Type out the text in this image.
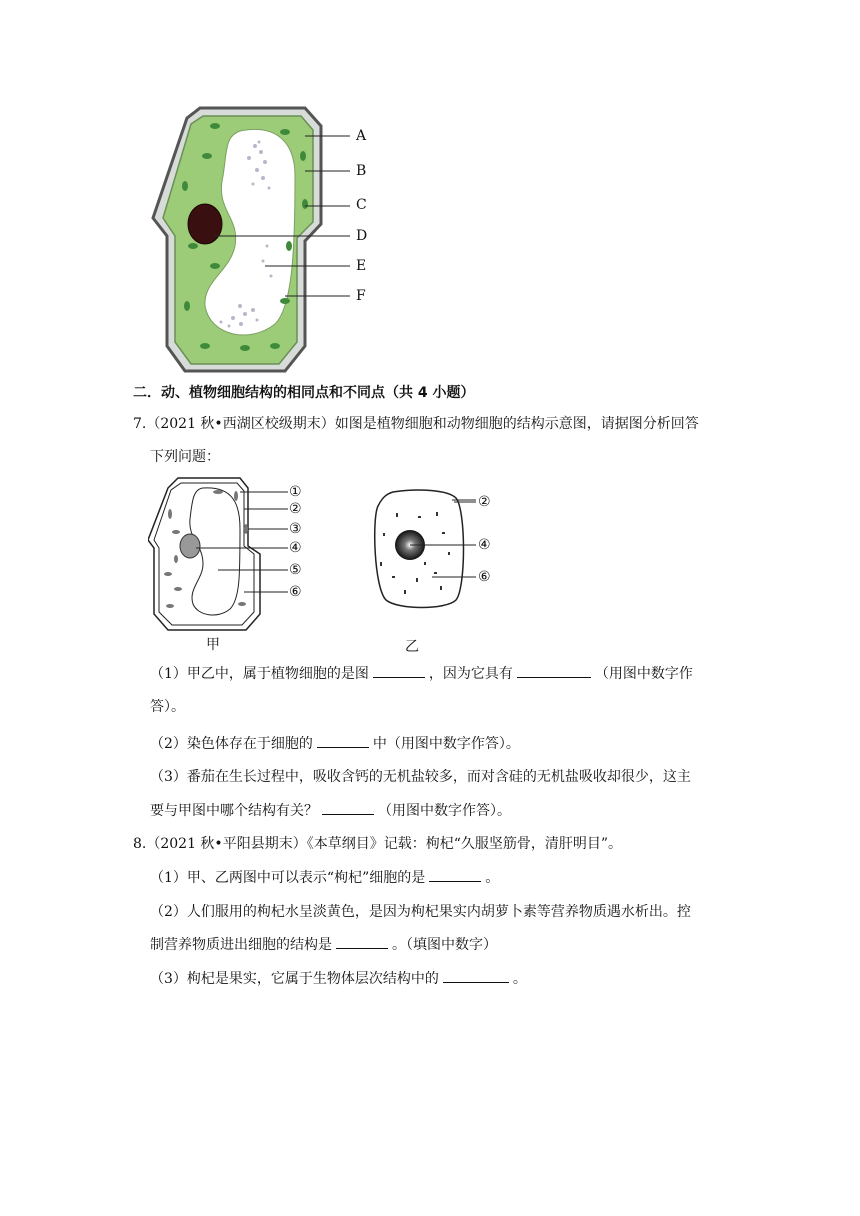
A
B
C
D
E
F
二．动、植物细胞结构的相同点和不同点（共 4 小题）
7.（2021 秋•西湖区校级期末）如图是植物细胞和动物细胞的结构示意图，请据图分析回答
下列问题：
①
②
③
④
⑤
⑥
甲
②
④
⑥
乙
（1）甲乙中，属于植物细胞的是图	，因为它具有	（用图中数字作
答）。
（2）染色体存在于细胞的	中（用图中数字作答）。
（3）番茄在生长过程中，吸收含钙的无机盐较多，而对含硅的无机盐吸收却很少，这主
要与甲图中哪个结构有关？	（用图中数字作答）。
8.（2021 秋•平阳县期末）《本草纲目》记载：枸杞“久服坚筋骨，清肝明目”。
（1）甲、乙两图中可以表示“枸杞”细胞的是	。
（2）人们服用的枸杞水呈淡黄色，是因为枸杞果实内胡萝卜素等营养物质遇水析出。控
制营养物质进出细胞的结构是	。（填图中数字）
（3）枸杞是果实，它属于生物体层次结构中的	。
